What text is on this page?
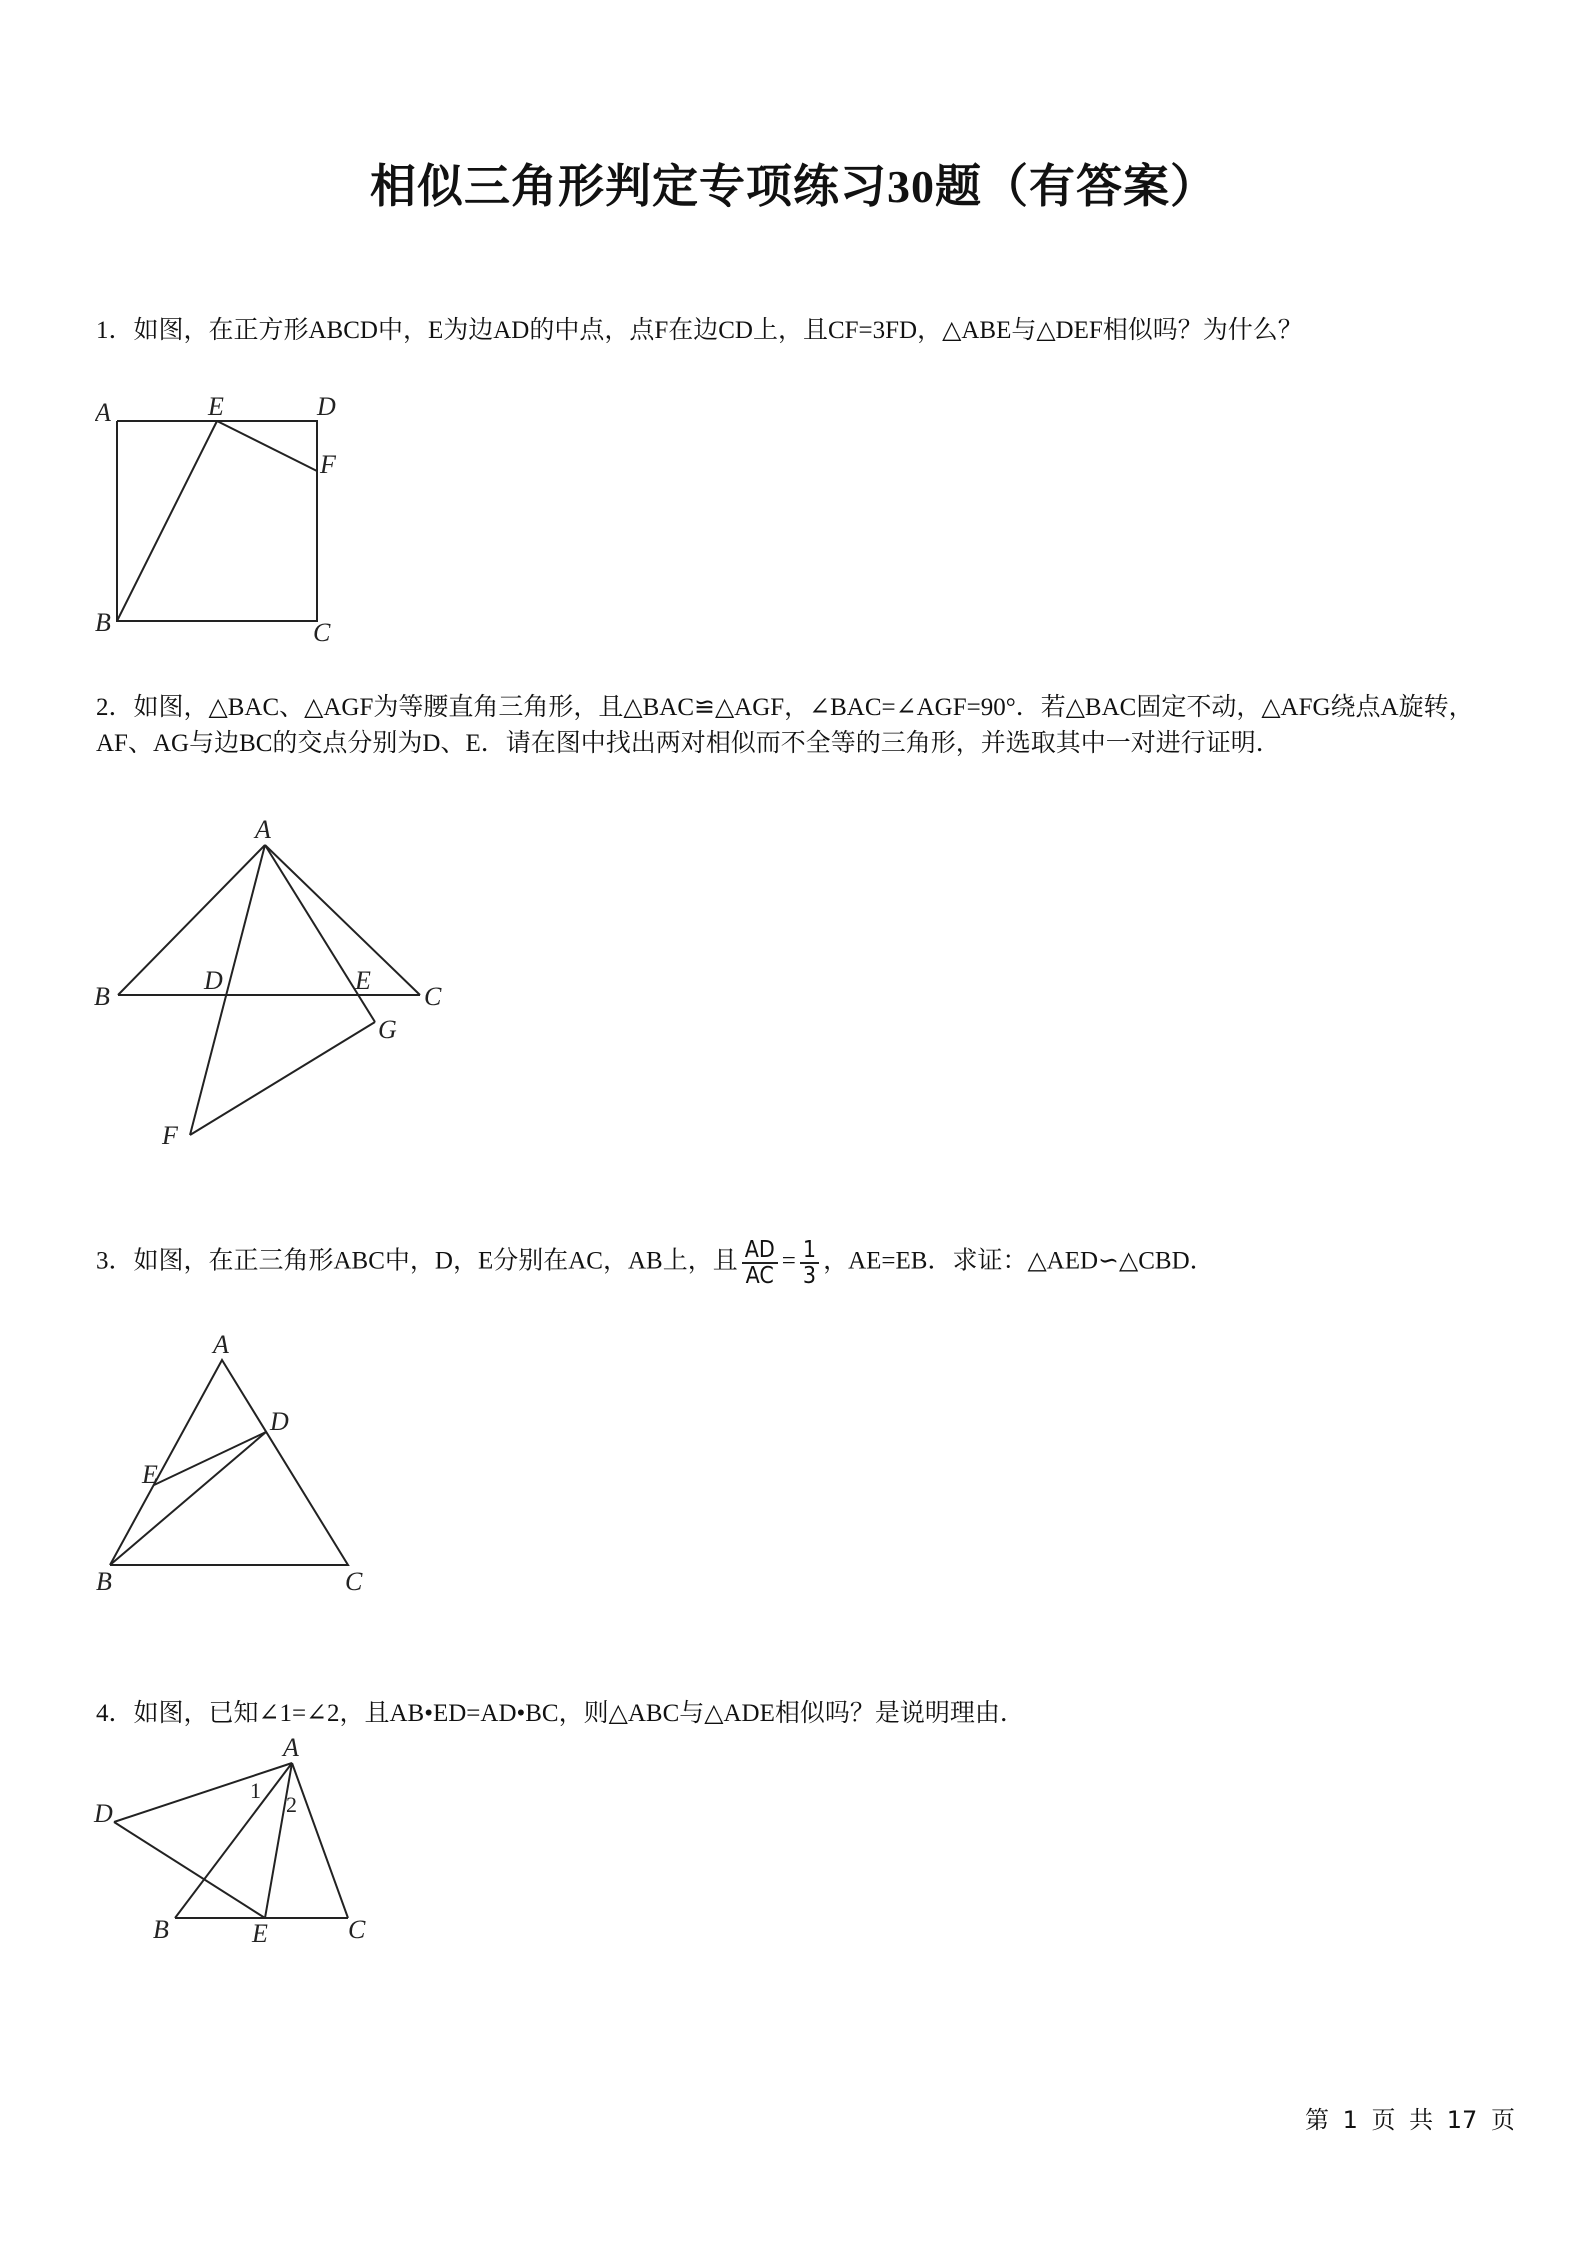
相似三角形判定专项练习30题（有答案）
1．如图，在正方形ABCD中，E为边AD的中点，点F在边CD上，且CF=3FD，△ABE与△DEF相似吗？为什么？
A	E	D
F
B	C
2．如图，△BAC、△AGF为等腰直角三角形，且△BAC≌△AGF，∠BAC=∠AGF=90°．若△BAC固定不动，△AFG绕点A旋转，AF、AG与边BC的交点分别为D、E．请在图中找出两对相似而不全等的三角形，并选取其中一对进行证明．
A
B
D	E
C
G
F
3．如图，在正三角形ABC中，D，E分别在AC，AB上，且 $\frac{AD}{AC} = \frac{1}{3}$ ，AE=EB．求证：△AED∽△CBD．
A
D
E
B	C
4．如图，已知∠1=∠2，且AB•ED=AD•BC，则△ABC与△ADE相似吗？是说明理由．
A
D
1
2
B	E	C
第 1 页 共 17 页
